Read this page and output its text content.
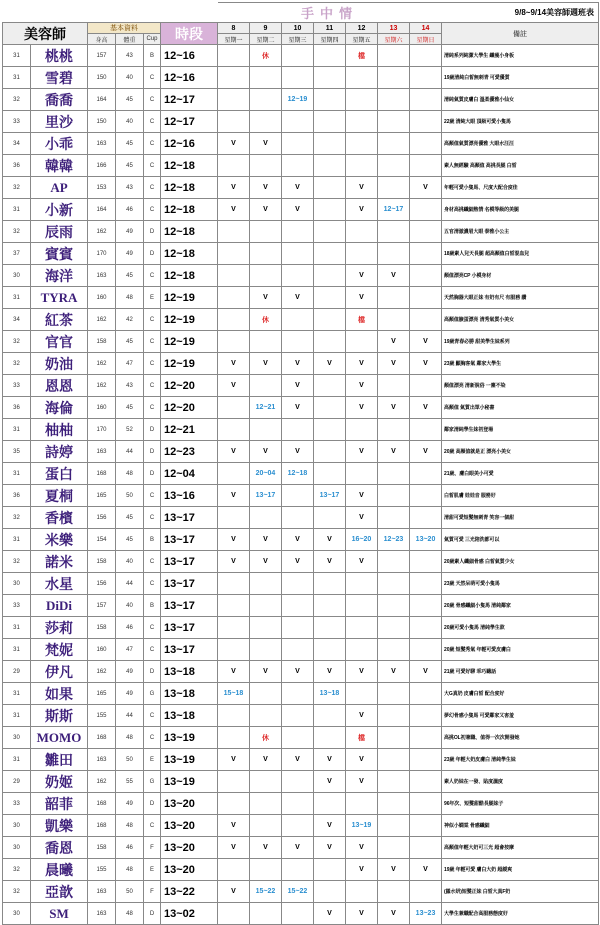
						手中情							9/8~9/14美容師週班表
美容師		基本資料			時段	8	9	10	11	12	13	14	備註
		身高	體重	Cup		星期一	星期二	星期三	星期四	星期五	星期六	星期日	
31	桃桃	157	43	B	12~16		休			檔			清純系列純潔大學生 纖瘦小身板
31	雪碧	150	40	C	12~16								19歲清純白皙無刺青 可愛優質
32	喬喬	164	45	C	12~17			12~19					清純氣質皮膚白 溫柔優雅小仙女
33	里沙	150	40	C	12~17								22歲 清純大眼 頂級可愛小隻馬
34	小乖	163	45	C	12~16	V	V						高顏值氣質漂亮優雅 大眼水汪汪
36	韓韓	166	45	C	12~18								素人無經驗 高顏值 高挑長腿 白皙
32	AP	153	43	C	12~18	V	V	V		V		V	年輕可愛小隻馬、尺度大配合度佳
31	小新	164	46	C	12~18	V	V	V		V	12~17		身材高挑纖細熱情 名模等級的美腿
32	辰雨	162	49	D	12~18								五官清澈濃眉大眼 泰雅小公主
37	賓賓	170	49	D	12~18								18歲素人兒天長腿 超高顏值白皙混血兒
30	海洋	163	45	C	12~18					V	V		顏值漂亮CP 小模身材
31	TYRA	160	48	E	12~19		V	V		V			天然胸器大眼正妹 有奶有尺 有服務 讚
34	紅茶	162	42	C	12~19		休			檔			高顏值臉蛋漂亮 清秀氣質小美女
32	官官	158	45	C	12~19						V	V	19歲青春必勝 甜美學生妹系列
32	奶油	162	47	C	12~19	V	V	V	V	V	V	V	23歲 顯胸客氣 鄰家大學生
33	恩恩	162	43	C	12~20	V		V		V			顏值漂亮 清新脫俗 一塵不染
36	海倫	160	45	C	12~20		12~21	V		V	V	V	高顏值 氣質出眾小秘書
31	柚柚	170	52	D	12~21								鄰家清純學生妹初登場
35	詩婷	163	44	D	12~23	V	V	V		V	V	V	20歲 高顏值就是正 漂亮小美女
31	蛋白	168	48	D	12~04		20~04	12~18					21歲、膚白眼美小可愛
36	夏桐	165	50	C	13~16	V	13~17		13~17	V			白皙肌膚 娃娃音 服務好
32	香檳	156	45	C	13~17					V			清甜可愛短髮無刺青 笑容一個甜
31	米樂	154	45	B	13~17	V	V	V	V	16~20	12~23	13~20	氣質可愛 三光陪洗都可以
32	諾米	158	40	C	13~17	V	V	V	V	V			20歲素人纖細骨感 白皙氣質少女
30	水星	156	44	C	13~17								23歲 天然呆萌可愛小隻馬
33	DiDi	157	40	B	13~17								20歲 骨感纖細小隻馬 清純鄰家
31	莎莉	158	46	C	13~17								20歲可愛小隻馬 清純學生款
31	梵妮	160	47	C	13~17								20歲 短髮秀氣 年輕可愛皮膚白
29	伊凡	162	49	D	13~18	V	V	V	V	V	V	V	21歲 可愛好聊 乖巧聽話
31	如果	165	49	G	13~18	15~18			13~18				大G真奶 皮膚白皙 配合度好
31	斯斯	155	44	C	13~18					V			夢幻骨感小隻馬 可愛鄰家又害羞
30	MOMO	168	48	C	13~19		休			檔			高挑OL初兼職、值得一次次開發她
31	雛田	163	50	E	13~19	V	V	V	V	V			23歲 年輕大奶皮膚白 清純學生妹
29	奶姬	162	55	G	13~19				V	V			素人奶妹在一發、貼度濕度
33	韶菲	168	49	D	13~20								96年次、短髮甜酷長腿妹子
30	凱樂	168	48	C	13~20	V			V	13~19			神似小嫻棠 骨感纖細
30	喬恩	158	46	F	13~20	V	V	V	V	V			高顏值年輕大奶可三光 超會按摩
32	晨曦	155	48	E	13~20					V	V	V	19歲 年輕可愛 膚白大奶 超緩爽
32	亞歆	163	50	F	13~22	V	15~22	15~22					(羅水妍)短髮正妹 白皙大真F奶
30	SM	163	48	D	13~02				V	V	V	13~23	大學生兼職配合高服務態度好
